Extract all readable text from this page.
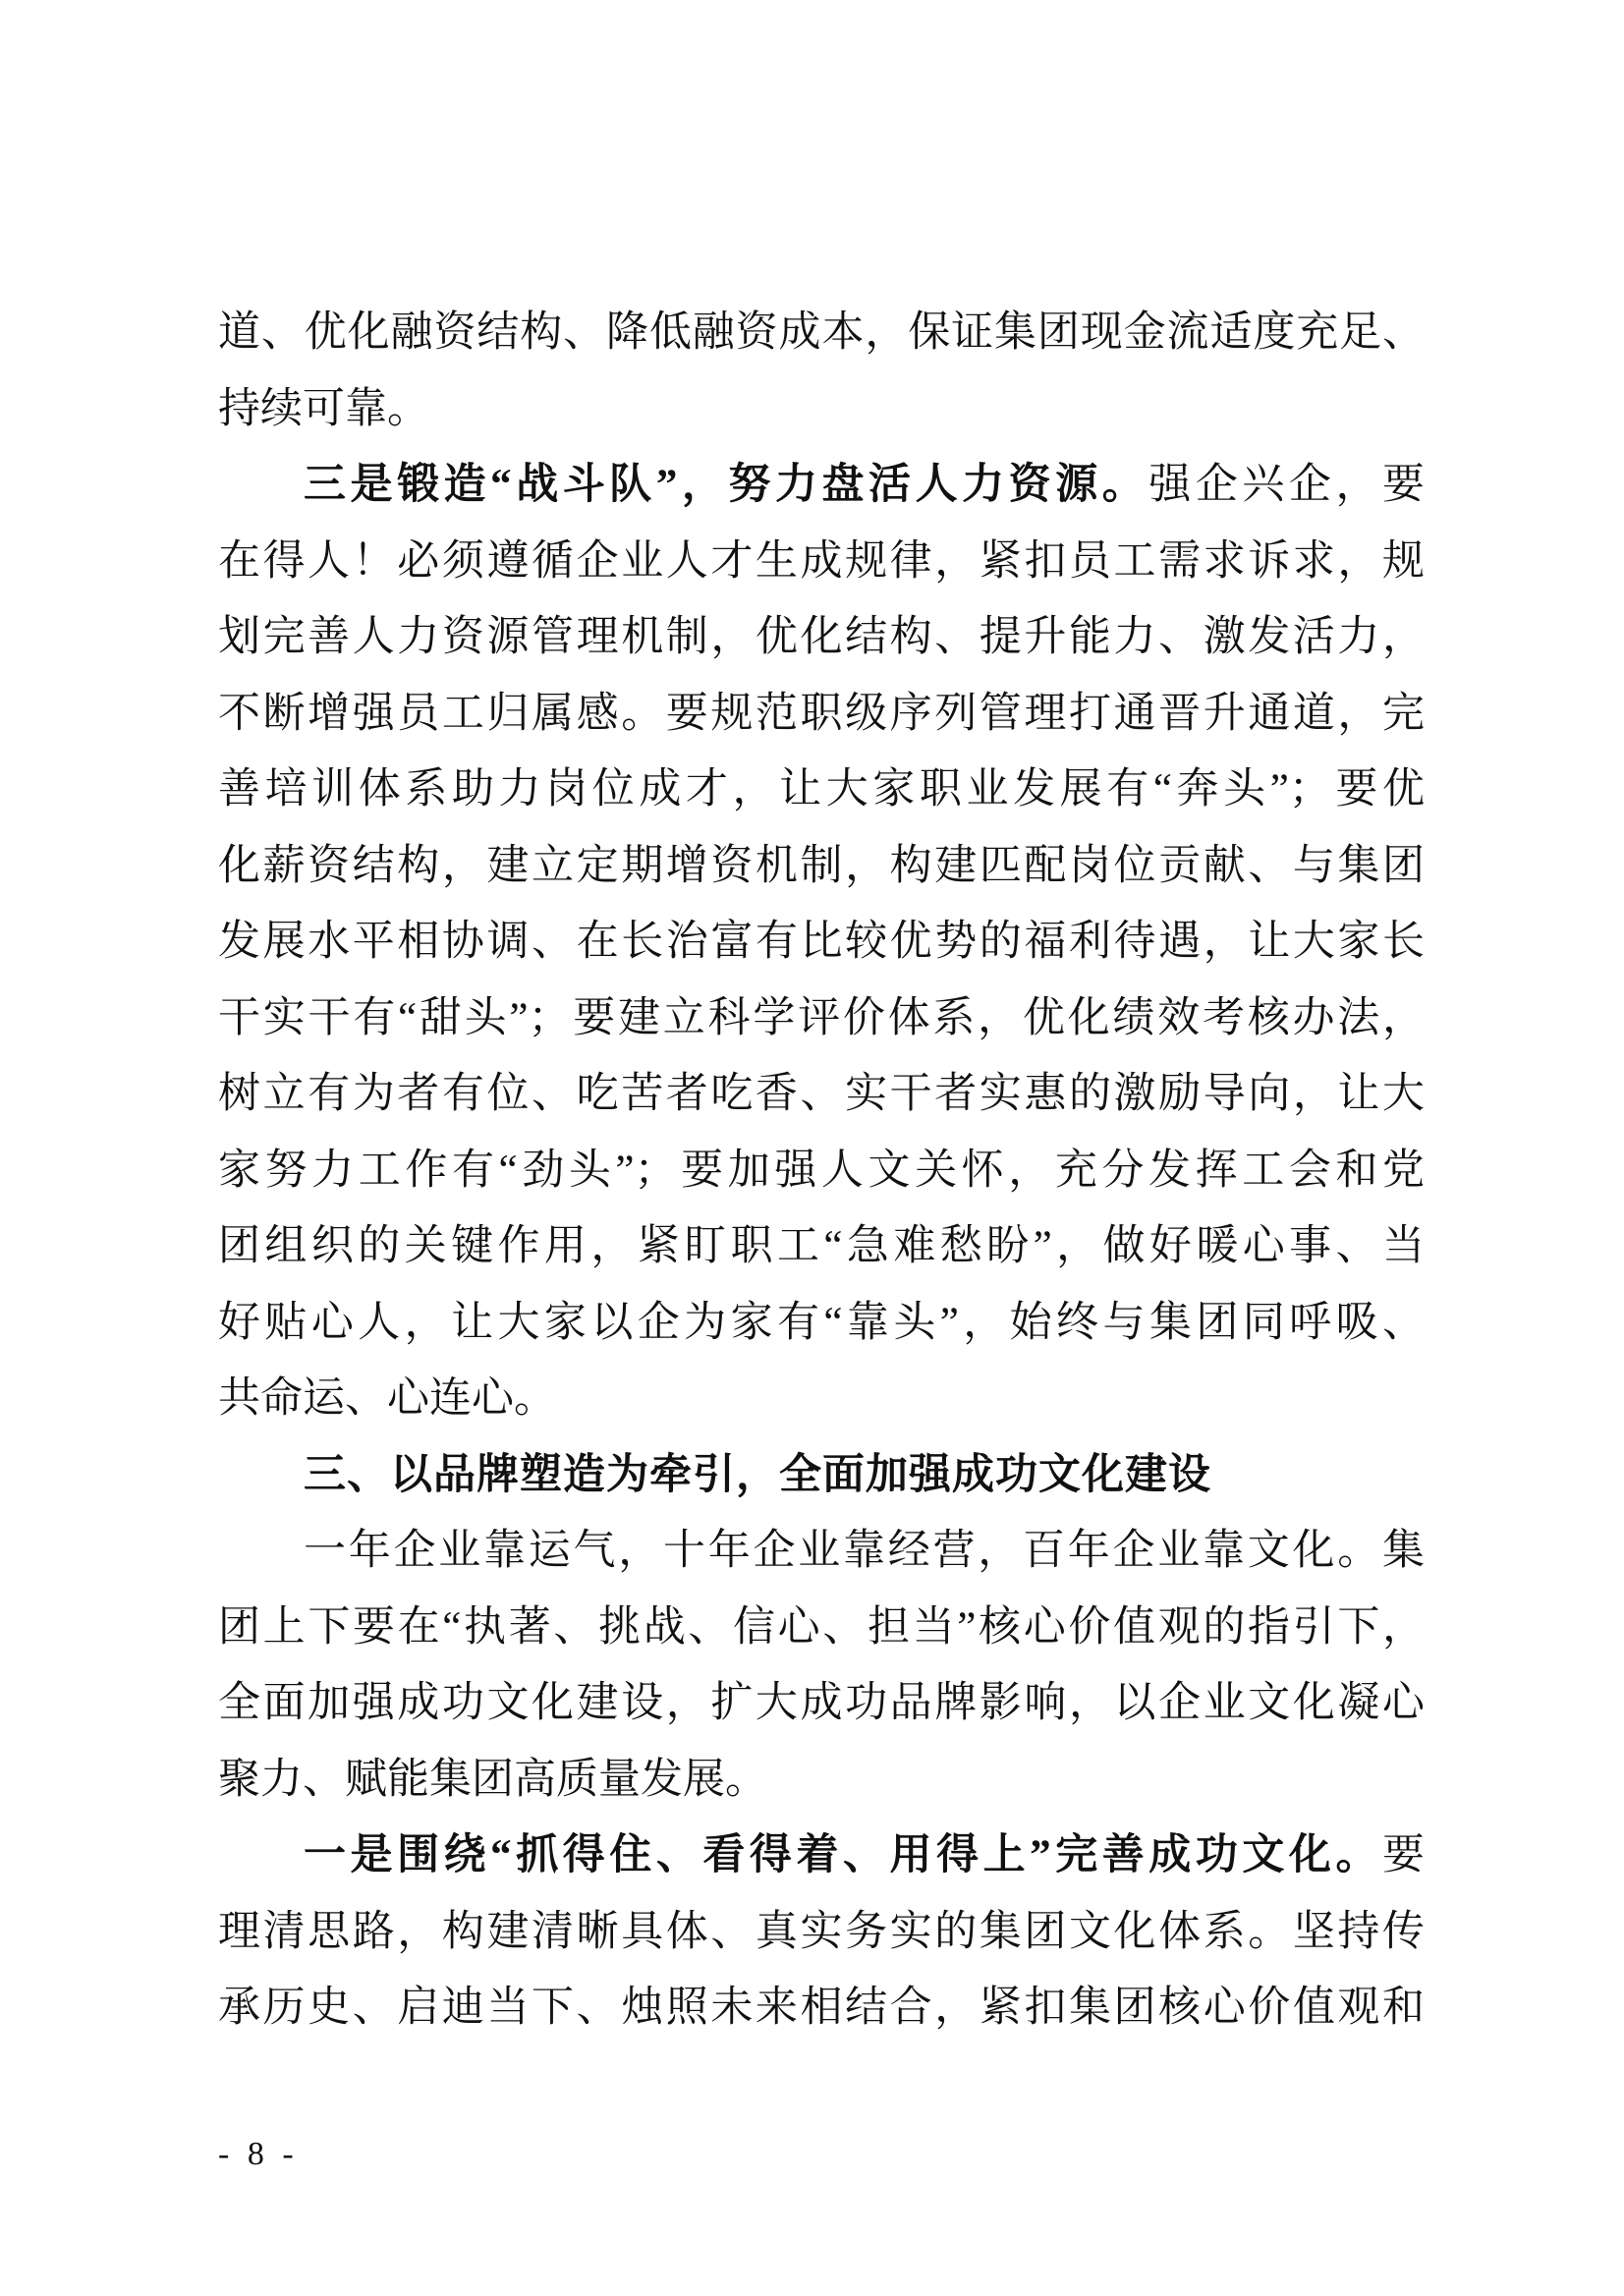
道、优化融资结构、降低融资成本，保证集团现金流适度充足、
持续可靠。
三是锻造“战斗队”，努力盘活人力资源。强企兴企，要
在得人！必须遵循企业人才生成规律，紧扣员工需求诉求，规
划完善人力资源管理机制，优化结构、提升能力、激发活力，
不断增强员工归属感。要规范职级序列管理打通晋升通道，完
善培训体系助力岗位成才，让大家职业发展有“奔头”；要优
化薪资结构，建立定期增资机制，构建匹配岗位贡献、与集团
发展水平相协调、在长治富有比较优势的福利待遇，让大家长
干实干有“甜头”；要建立科学评价体系，优化绩效考核办法，
树立有为者有位、吃苦者吃香、实干者实惠的激励导向，让大
家努力工作有“劲头”；要加强人文关怀，充分发挥工会和党
团组织的关键作用，紧盯职工“急难愁盼”，做好暖心事、当
好贴心人，让大家以企为家有“靠头”，始终与集团同呼吸、
共命运、心连心。
三、以品牌塑造为牵引，全面加强成功文化建设
一年企业靠运气，十年企业靠经营，百年企业靠文化。集
团上下要在“执著、挑战、信心、担当”核心价值观的指引下，
全面加强成功文化建设，扩大成功品牌影响，以企业文化凝心
聚力、赋能集团高质量发展。
一是围绕“抓得住、看得着、用得上”完善成功文化。要
理清思路，构建清晰具体、真实务实的集团文化体系。坚持传
承历史、启迪当下、烛照未来相结合，紧扣集团核心价值观和
- 8 -
